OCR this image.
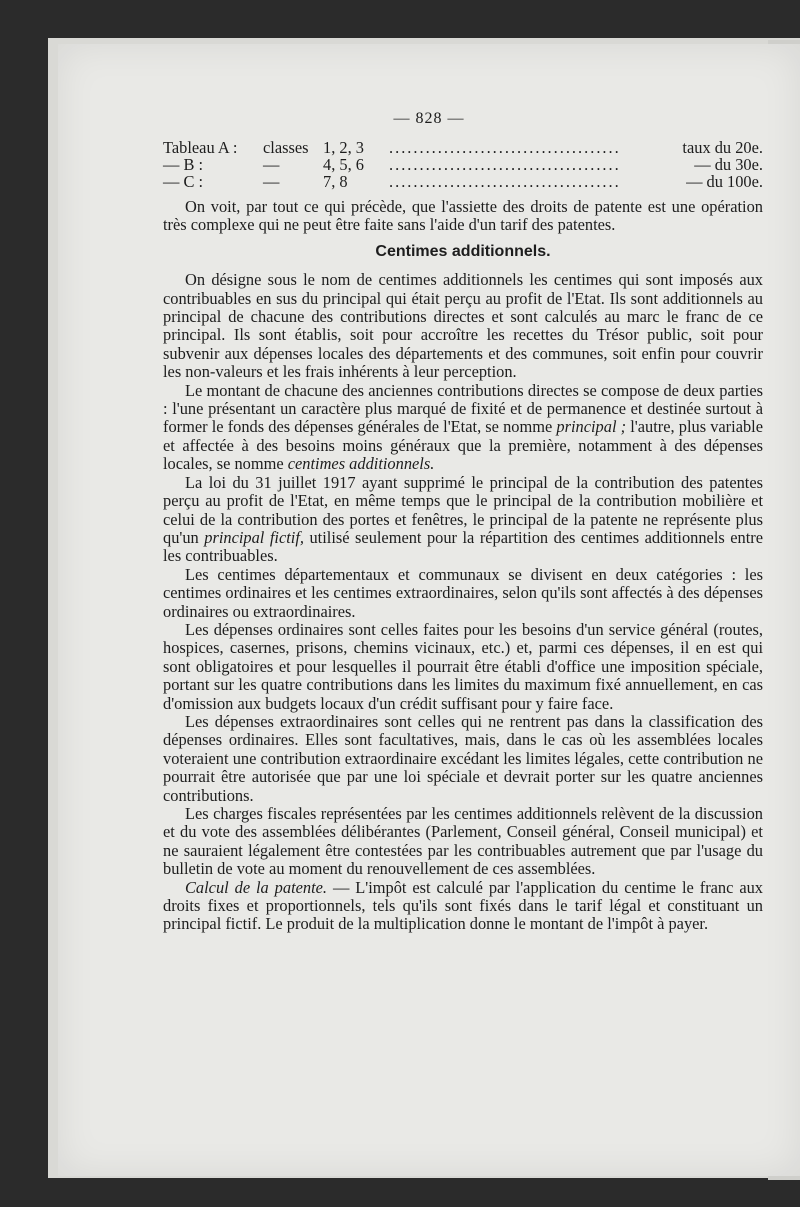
— 828 —
Tableau A :	classes 1, 2, 3	......................................	taux du 20e.
— B :	—	4, 5, 6	......................................	— du 30e.
— C :	—	7, 8	......................................	— du 100e.

On voit, par tout ce qui précède, que l'assiette des droits de patente est une opération très complexe qui ne peut être faite sans l'aide d'un tarif des patentes.

Centimes additionnels.

On désigne sous le nom de centimes additionnels les centimes qui sont imposés aux contribuables en sus du principal qui était perçu au profit de l'Etat. Ils sont additionnels au principal de chacune des contributions directes et sont calculés au marc le franc de ce principal. Ils sont établis, soit pour accroître les recettes du Trésor public, soit pour subvenir aux dépenses locales des départements et des communes, soit enfin pour couvrir les non-valeurs et les frais inhérents à leur perception.

Le montant de chacune des anciennes contributions directes se compose de deux parties : l'une présentant un caractère plus marqué de fixité et de permanence et destinée surtout à former le fonds des dépenses générales de l'Etat, se nomme principal ; l'autre, plus variable et affectée à des besoins moins généraux que la première, notamment à des dépenses locales, se nomme centimes additionnels.

La loi du 31 juillet 1917 ayant supprimé le principal de la contribution des patentes perçu au profit de l'Etat, en même temps que le principal de la contribution mobilière et celui de la contribution des portes et fenêtres, le principal de la patente ne représente plus qu'un principal fictif, utilisé seulement pour la répartition des centimes additionnels entre les contribuables.

Les centimes départementaux et communaux se divisent en deux catégories : les centimes ordinaires et les centimes extraordinaires, selon qu'ils sont affectés à des dépenses ordinaires ou extraordinaires.

Les dépenses ordinaires sont celles faites pour les besoins d'un service général (routes, hospices, casernes, prisons, chemins vicinaux, etc.) et, parmi ces dépenses, il en est qui sont obligatoires et pour lesquelles il pourrait être établi d'office une imposition spéciale, portant sur les quatre contributions dans les limites du maximum fixé annuellement, en cas d'omission aux budgets locaux d'un crédit suffisant pour y faire face.

Les dépenses extraordinaires sont celles qui ne rentrent pas dans la classification des dépenses ordinaires. Elles sont facultatives, mais, dans le cas où les assemblées locales voteraient une contribution extraordinaire excédant les limites légales, cette contribution ne pourrait être autorisée que par une loi spéciale et devrait porter sur les quatre anciennes contributions.

Les charges fiscales représentées par les centimes additionnels relèvent de la discussion et du vote des assemblées délibérantes (Parlement, Conseil général, Conseil municipal) et ne sauraient légalement être contestées par les contribuables autrement que par l'usage du bulletin de vote au moment du renouvellement de ces assemblées.

Calcul de la patente. — L'impôt est calculé par l'application du centime le franc aux droits fixes et proportionnels, tels qu'ils sont fixés dans le tarif légal et constituant un principal fictif. Le produit de la multiplication donne le montant de l'impôt à payer.
